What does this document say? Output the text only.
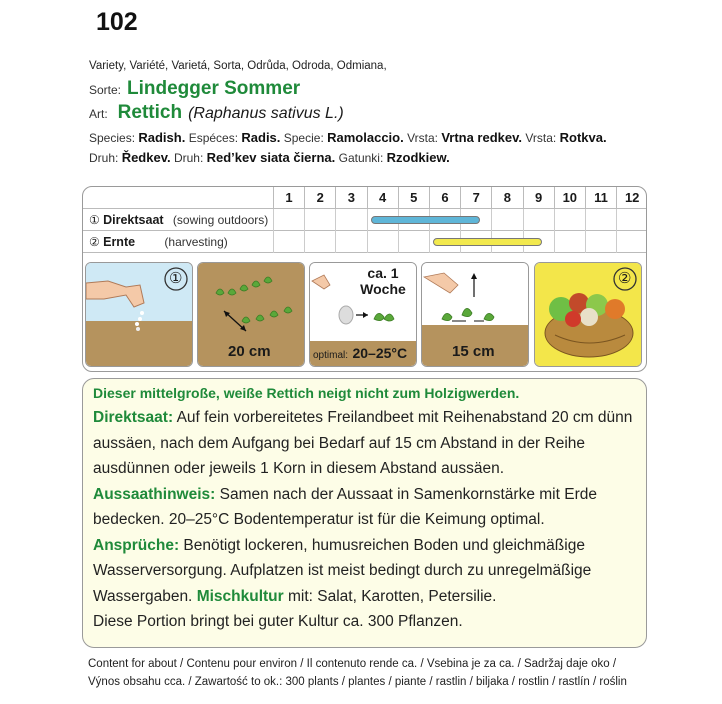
102
Variety, Variété, Varietá, Sorta, Odrůda, Odroda, Odmiana,
Sorte: Lindegger Sommer
Art: Rettich (Raphanus sativus L.)
Species: Radish. Espéces: Radis. Specie: Ramolaccio. Vrsta: Vrtna redkev. Vrsta: Rotkva.
Druh: Ředkev. Druh: Red’kev siata čierna. Gatunki: Rzodkiew.
1	2	3	4	5	6	7	8	9	10	11	12
① Direktsaat (sowing outdoors)
② Ernte (harvesting)
①
20 cm
ca. 1
Woche
optimal: 20–25°C	15 cm
②
Dieser mittelgroße, weiße Rettich neigt nicht zum Holzigwerden.
Direktsaat: Auf fein vorbereitetes Freilandbeet mit Reihenabstand 20 cm dünn aussäen, nach dem Aufgang bei Bedarf auf 15 cm Abstand in der Reihe ausdünnen oder jeweils 1 Korn in diesem Abstand aussäen.
Aussaathinweis: Samen nach der Aussaat in Samenkornstärke mit Erde bedecken. 20–25°C Bodentemperatur ist für die Keimung optimal.
Ansprüche: Benötigt lockeren, humusreichen Boden und gleichmäßige Wasserversorgung. Aufplatzen ist meist bedingt durch zu unregelmäßige Wassergaben. Mischkultur mit: Salat, Karotten, Petersilie.
Diese Portion bringt bei guter Kultur ca. 300 Pflanzen.
Content for about / Contenu pour environ / Il contenuto rende ca. / Vsebina je za ca. / Sadržaj daje oko /
Výnos obsahu cca. / Zawartość to ok.: 300 plants / plantes / piante / rastlin / biljaka / rostlin / rastlín / roślin
